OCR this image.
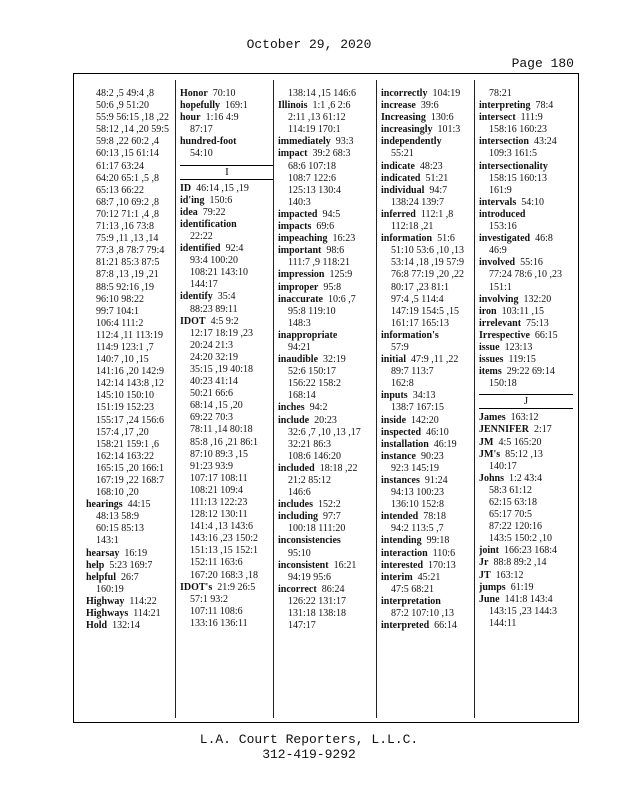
October 29, 2020
Page 180
48:2 ,5 49:4 ,8
50:6 ,9 51:20
55:9 56:15 ,18 ,22
58:12 ,14 ,20 59:5
59:8 ,22 60:2 ,4
60:13 ,15 61:14
61:17 63:24
64:20 65:1 ,5 ,8
65:13 66:22
68:7 ,10 69:2 ,8
70:12 71:1 ,4 ,8
71:13 ,16 73:8
75:9 ,11 ,13 ,14
77:3 ,8 78:7 79:4
81:21 85:3 87:5
87:8 ,13 ,19 ,21
88:5 92:16 ,19
96:10 98:22
99:7 104:1
106:4 111:2
112:4 ,11 113:19
114:9 123:1 ,7
140:7 ,10 ,15
141:16 ,20 142:9
142:14 143:8 ,12
145:10 150:10
151:19 152:23
155:17 ,24 156:6
157:4 ,17 ,20
158:21 159:1 ,6
162:14 163:22
165:15 ,20 166:1
167:19 ,22 168:7
168:10 ,20
hearings 44:15
48:13 58:9
60:15 85:13
143:1
hearsay 16:19
help 5:23 169:7
helpful 26:7
160:19
Highway 114:22
Highways 114:21
Hold 132:14
Honor 70:10
hopefully 169:1
hour 1:16 4:9
87:17
hundred-foot
54:10
I
ID 46:14 ,15 ,19
id'ing 150:6
idea 79:22
identification
22:22
identified 92:4
93:4 100:20
108:21 143:10
144:17
identify 35:4
88:23 89:11
IDOT 4:5 9:2
12:17 18:19 ,23
20:24 21:3
24:20 32:19
35:15 ,19 40:18
40:23 41:14
50:21 66:6
68:14 ,15 ,20
69:22 70:3
78:11 ,14 80:18
85:8 ,16 ,21 86:1
87:10 89:3 ,15
91:23 93:9
107:17 108:11
108:21 109:4
111:13 122:23
128:12 130:11
141:4 ,13 143:6
143:16 ,23 150:2
151:13 ,15 152:1
152:11 163:6
167:20 168:3 ,18
IDOT's 21:9 26:5
57:1 93:2
107:11 108:6
133:16 136:11
138:14 ,15 146:6
Illinois 1:1 ,6 2:6
2:11 ,13 61:12
114:19 170:1
immediately 93:3
impact 39:2 68:3
68:6 107:18
108:7 122:6
125:13 130:4
140:3
impacted 94:5
impacts 69:6
impeaching 16:23
important 98:6
111:7 ,9 118:21
impression 125:9
improper 95:8
inaccurate 10:6 ,7
95:8 119:10
148:3
inappropriate
94:21
inaudible 32:19
52:6 150:17
156:22 158:2
168:14
inches 94:2
include 20:23
32:6 ,7 ,10 ,13 ,17
32:21 86:3
108:6 146:20
included 18:18 ,22
21:2 85:12
146:6
includes 152:2
including 97:7
100:18 111:20
inconsistencies
95:10
inconsistent 16:21
94:19 95:6
incorrect 86:24
126:22 131:17
131:18 138:18
147:17
incorrectly 104:19
increase 39:6
Increasing 130:6
increasingly 101:3
independently
55:21
indicate 48:23
indicated 51:21
individual 94:7
138:24 139:7
inferred 112:1 ,8
112:18 ,21
information 51:6
51:10 53:6 ,10 ,13
53:14 ,18 ,19 57:9
76:8 77:19 ,20 ,22
80:17 ,23 81:1
97:4 ,5 114:4
147:19 154:5 ,15
161:17 165:13
information's
57:9
initial 47:9 ,11 ,22
89:7 113:7
162:8
inputs 34:13
138:7 167:15
inside 142:20
inspected 46:10
installation 46:19
instance 90:23
92:3 145:19
instances 91:24
94:13 100:23
136:10 152:8
intended 78:18
94:2 113:5 ,7
intending 99:18
interaction 110:6
interested 170:13
interim 45:21
47:5 68:21
interpretation
87:2 107:10 ,13
interpreted 66:14
78:21
interpreting 78:4
intersect 111:9
158:16 160:23
intersection 43:24
109:3 161:5
intersectionality
158:15 160:13
161:9
intervals 54:10
introduced
153:16
investigated 46:8
46:9
involved 55:16
77:24 78:6 ,10 ,23
151:1
involving 132:20
iron 103:11 ,15
irrelevant 75:13
Irrespective 66:15
issue 123:13
issues 119:15
items 29:22 69:14
150:18
J
James 163:12
JENNIFER 2:17
JM 4:5 165:20
JM's 85:12 ,13
140:17
Johns 1:2 43:4
58:3 61:12
62:15 63:18
65:17 70:5
87:22 120:16
143:5 150:2 ,10
joint 166:23 168:4
Jr 88:8 89:2 ,14
JT 163:12
jumps 61:19
June 141:8 143:4
143:15 ,23 144:3
144:11
L.A. Court Reporters, L.L.C.
312-419-9292
